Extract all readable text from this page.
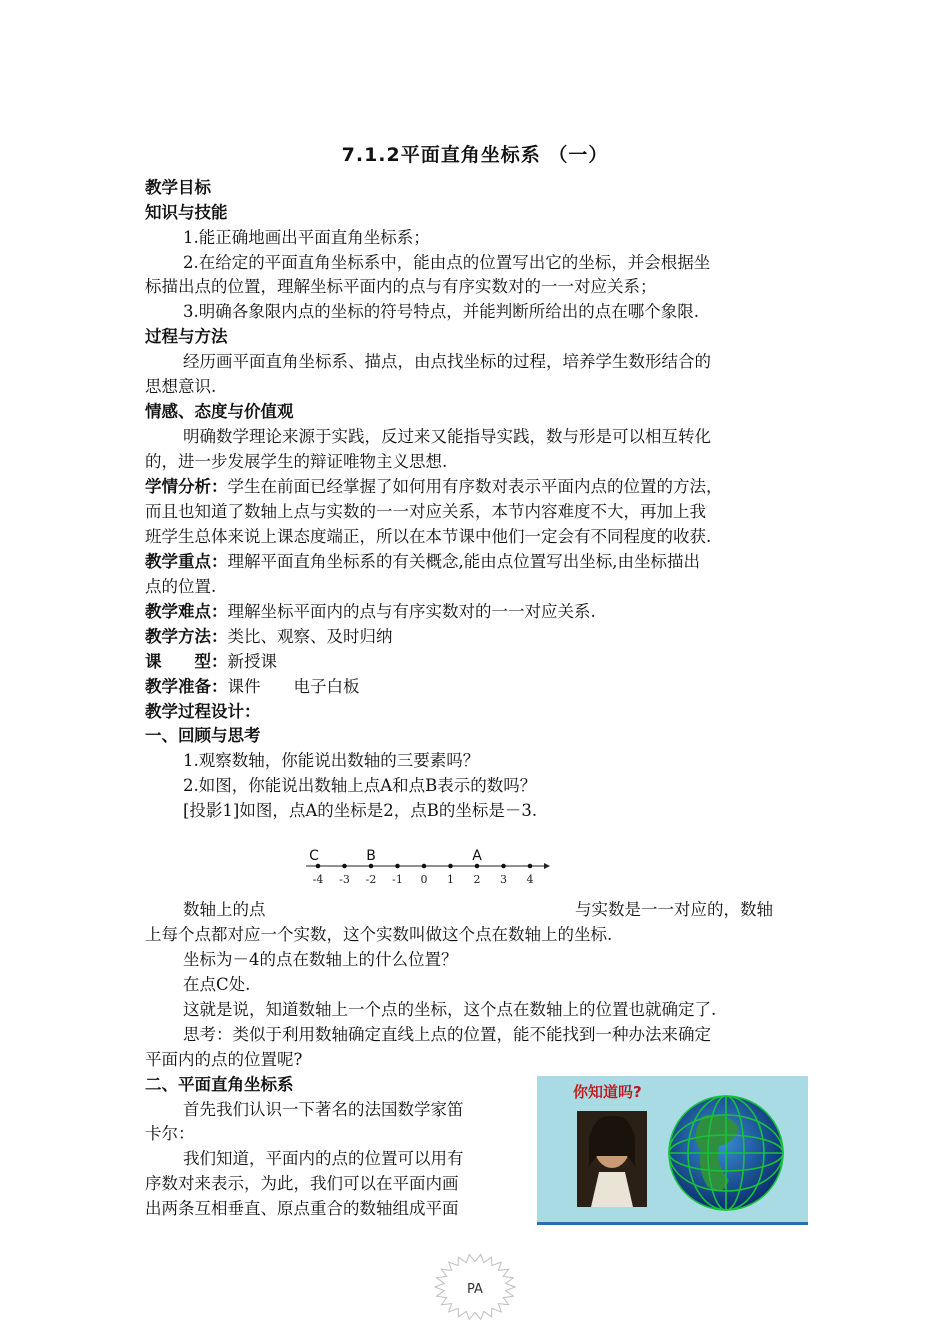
7.1.2平面直角坐标系 （一）
教学目标
知识与技能
1.能正确地画出平面直角坐标系；
2.在给定的平面直角坐标系中，能由点的位置写出它的坐标，并会根据坐
标描出点的位置，理解坐标平面内的点与有序实数对的一一对应关系；
3.明确各象限内点的坐标的符号特点，并能判断所给出的点在哪个象限.
过程与方法
经历画平面直角坐标系、描点，由点找坐标的过程，培养学生数形结合的
思想意识.
情感、态度与价值观
明确数学理论来源于实践，反过来又能指导实践，数与形是可以相互转化
的，进一步发展学生的辩证唯物主义思想.
学情分析：学生在前面已经掌握了如何用有序数对表示平面内点的位置的方法，
而且也知道了数轴上点与实数的一一对应关系，本节内容难度不大，再加上我
班学生总体来说上课态度端正，所以在本节课中他们一定会有不同程度的收获.
教学重点：理解平面直角坐标系的有关概念,能由点位置写出坐标,由坐标描出
点的位置.
教学难点：理解坐标平面内的点与有序实数对的一一对应关系.
教学方法：类比、观察、及时归纳
课　　型：新授课
教学准备：课件　　电子白板
教学过程设计：
一、回顾与思考
1.观察数轴，你能说出数轴的三要素吗？
2.如图，你能说出数轴上点A和点B表示的数吗？
[投影1]如图，点A的坐标是2，点B的坐标是－3.
-4 -3 -2 -1 0 1 2 3 4
C	B	A
数轴上的点	与实数是一一对应的，数轴
上每个点都对应一个实数，这个实数叫做这个点在数轴上的坐标.
坐标为－4的点在数轴上的什么位置？
在点C处.
这就是说，知道数轴上一个点的坐标，这个点在数轴上的位置也就确定了.
思考：类似于利用数轴确定直线上点的位置，能不能找到一种办法来确定
平面内的点的位置呢?
二、平面直角坐标系
首先我们认识一下著名的法国数学家笛
卡尔：
我们知道，平面内的点的位置可以用有
序数对来表示，为此，我们可以在平面内画
出两条互相垂直、原点重合的数轴组成平面
你知道吗?
PA
